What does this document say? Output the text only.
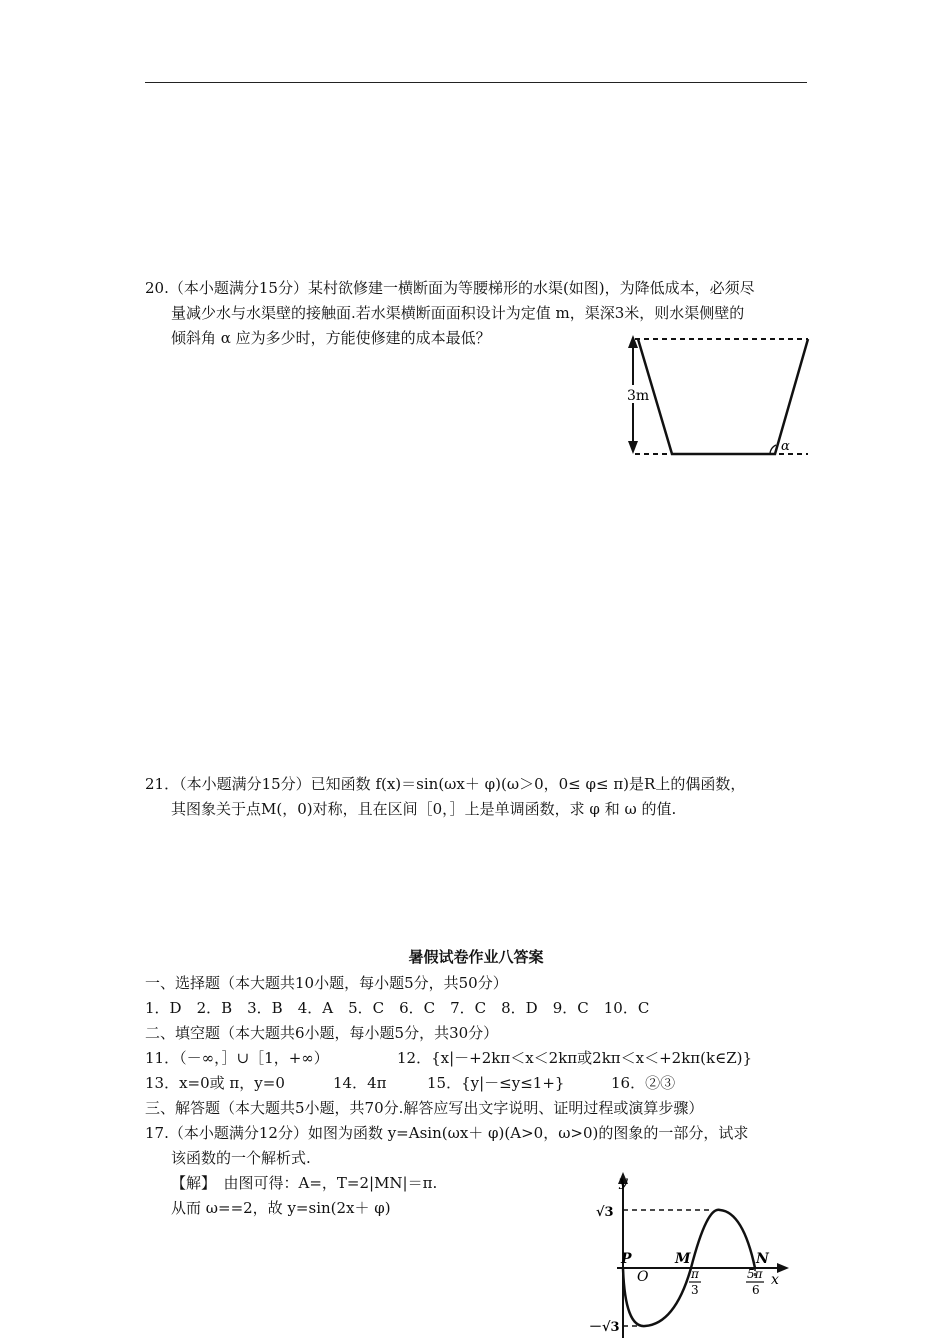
20.（本小题满分15分）某村欲修建一横断面为等腰梯形的水渠(如图)，为降低成本，必须尽
量减少水与水渠壁的接触面.若水渠横断面面积设计为定值 m，渠深3米，则水渠侧壁的
倾斜角 α 应为多少时，方能使修建的成本最低？
3m
α
21．（本小题满分15分）已知函数 f(x)＝sin(ωx＋ φ)(ω＞0，0≤ φ≤ π)是R上的偶函数，
其图象关于点M(，0)对称，且在区间［0，］上是单调函数，求 φ 和 ω 的值.
暑假试卷作业八答案
一、选择题（本大题共10小题，每小题5分，共50分）
1．D　2．B　3．B　4．A　5．C　6．C　7．C　8．D　9．C　10．C
二、填空题（本大题共6小题，每小题5分，共30分）
11．（－∞，］∪［1，+∞）	12．{x|－+2kπ＜x＜2kπ或2kπ＜x＜+2kπ(k∈Z)}
13．x=0或 π，y=0	14．4π	15．{y|－≤y≤1+}	16．②③
三、解答题（本大题共5小题，共70分.解答应写出文字说明、证明过程或演算步骤）
17.（本小题满分12分）如图为函数 y=Asin(ωx＋ φ)(A>0，ω>0)的图象的一部分，试求
该函数的一个解析式.
【解】　由图可得：A=，T=2|MN|＝π.
从而 ω==2，故 y=sin(2x＋ φ)
y
x
√3
－√3
P
O
M	N
π
3
5π
6
